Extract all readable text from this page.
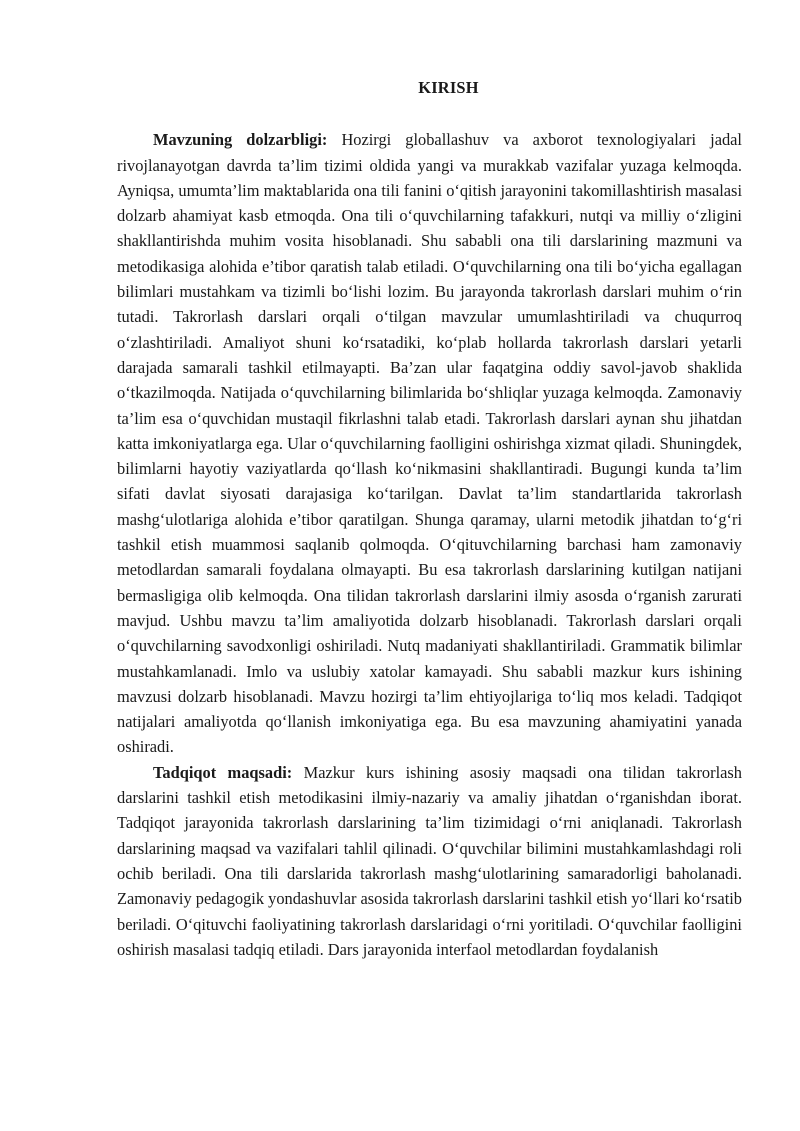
KIRISH

Mavzuning dolzarbligi: Hozirgi globallashuv va axborot texnologiyalari jadal rivojlanayotgan davrda ta’lim tizimi oldida yangi va murakkab vazifalar yuzaga kelmoqda. Ayniqsa, umumta’lim maktablarida ona tili fanini o‘qitish jarayonini takomillashtirish masalasi dolzarb ahamiyat kasb etmoqda. Ona tili o‘quvchilarning tafakkuri, nutqi va milliy o‘zligini shakllantirishda muhim vosita hisoblanadi. Shu sababli ona tili darslarining mazmuni va metodikasiga alohida e’tibor qaratish talab etiladi. O‘quvchilarning ona tili bo‘yicha egallagan bilimlari mustahkam va tizimli bo‘lishi lozim. Bu jarayonda takrorlash darslari muhim o‘rin tutadi. Takrorlash darslari orqali o‘tilgan mavzular umumlashtiriladi va chuqurroq o‘zlashtiriladi. Amaliyot shuni ko‘rsatadiki, ko‘plab hollarda takrorlash darslari yetarli darajada samarali tashkil etilmayapti. Ba’zan ular faqatgina oddiy savol-javob shaklida o‘tkazilmoqda. Natijada o‘quvchilarning bilimlarida bo‘shliqlar yuzaga kelmoqda. Zamonaviy ta’lim esa o‘quvchidan mustaqil fikrlashni talab etadi. Takrorlash darslari aynan shu jihatdan katta imkoniyatlarga ega. Ular o‘quvchilarning faolligini oshirishga xizmat qiladi. Shuningdek, bilimlarni hayotiy vaziyatlarda qo‘llash ko‘nikmasini shakllantiradi. Bugungi kunda ta’lim sifati davlat siyosati darajasiga ko‘tarilgan. Davlat ta’lim standartlarida takrorlash mashg‘ulotlariga alohida e’tibor qaratilgan. Shunga qaramay, ularni metodik jihatdan to‘g‘ri tashkil etish muammosi saqlanib qolmoqda. O‘qituvchilarning barchasi ham zamonaviy metodlardan samarali foydalana olmayapti. Bu esa takrorlash darslarining kutilgan natijani bermasligiga olib kelmoqda. Ona tilidan takrorlash darslarini ilmiy asosda o‘rganish zarurati mavjud. Ushbu mavzu ta’lim amaliyotida dolzarb hisoblanadi. Takrorlash darslari orqali o‘quvchilarning savodxonligi oshiriladi. Nutq madaniyati shakllantiriladi. Grammatik bilimlar mustahkamlanadi. Imlo va uslubiy xatolar kamayadi. Shu sababli mazkur kurs ishining mavzusi dolzarb hisoblanadi. Mavzu hozirgi ta’lim ehtiyojlariga to‘liq mos keladi. Tadqiqot natijalari amaliyotda qo‘llanish imkoniyatiga ega. Bu esa mavzuning ahamiyatini yanada oshiradi.

Tadqiqot maqsadi: Mazkur kurs ishining asosiy maqsadi ona tilidan takrorlash darslarini tashkil etish metodikasini ilmiy-nazariy va amaliy jihatdan o‘rganishdan iborat. Tadqiqot jarayonida takrorlash darslarining ta’lim tizimidagi o‘rni aniqlanadi. Takrorlash darslarining maqsad va vazifalari tahlil qilinadi. O‘quvchilar bilimini mustahkamlashdagi roli ochib beriladi. Ona tili darslarida takrorlash mashg‘ulotlarining samaradorligi baholanadi. Zamonaviy pedagogik yondashuvlar asosida takrorlash darslarini tashkil etish yo‘llari ko‘rsatib beriladi. O‘qituvchi faoliyatining takrorlash darslaridagi o‘rni yoritiladi. O‘quvchilar faolligini oshirish masalasi tadqiq etiladi. Dars jarayonida interfaol metodlardan foydalanish
